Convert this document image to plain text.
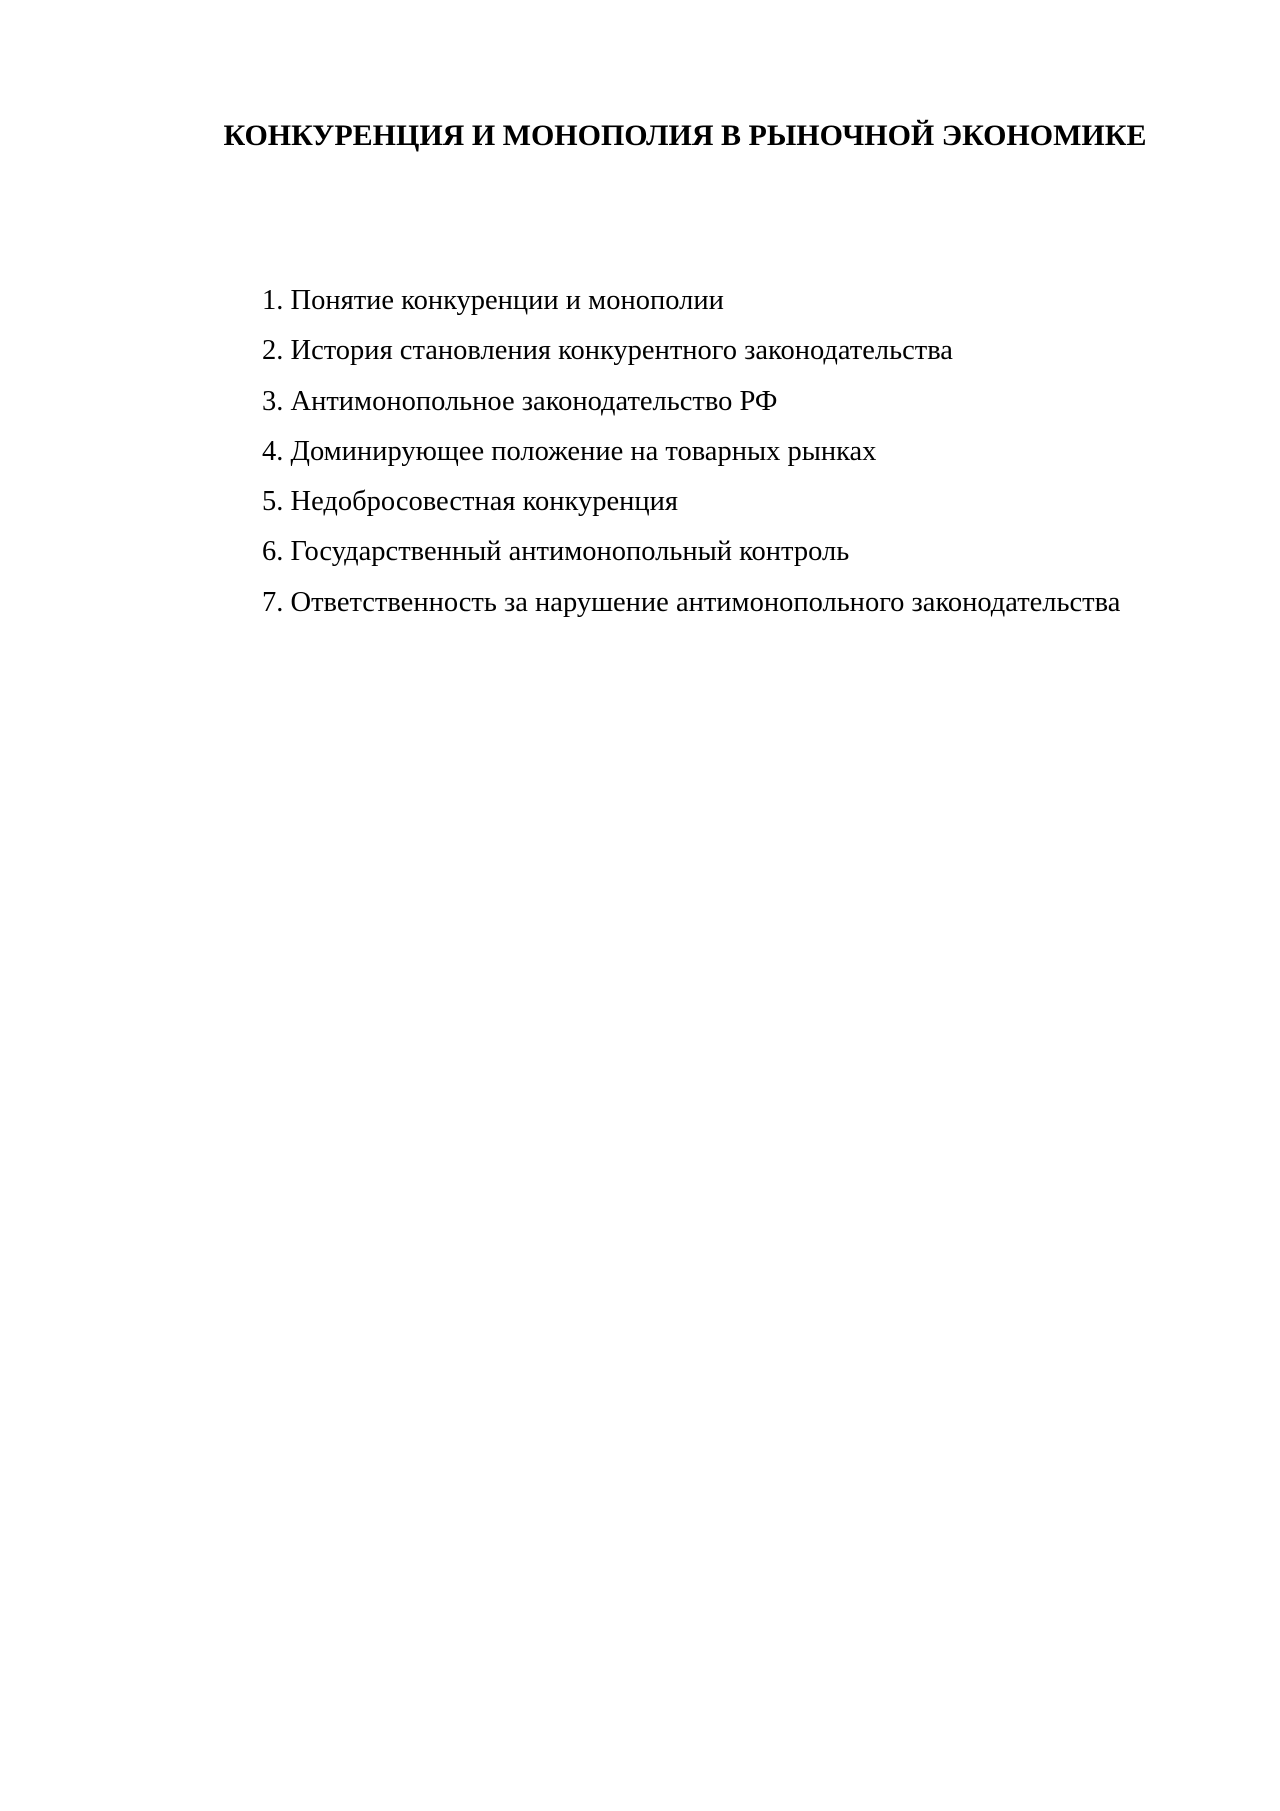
КОНКУРЕНЦИЯ И МОНОПОЛИЯ В РЫНОЧНОЙ ЭКОНОМИКЕ
1. Понятие конкуренции и монополии
2. История становления конкурентного законодательства
3. Антимонопольное законодательство РФ
4. Доминирующее положение на товарных рынках
5. Недобросовестная конкуренция
6. Государственный антимонопольный контроль
7. Ответственность за нарушение антимонопольного законодательства
